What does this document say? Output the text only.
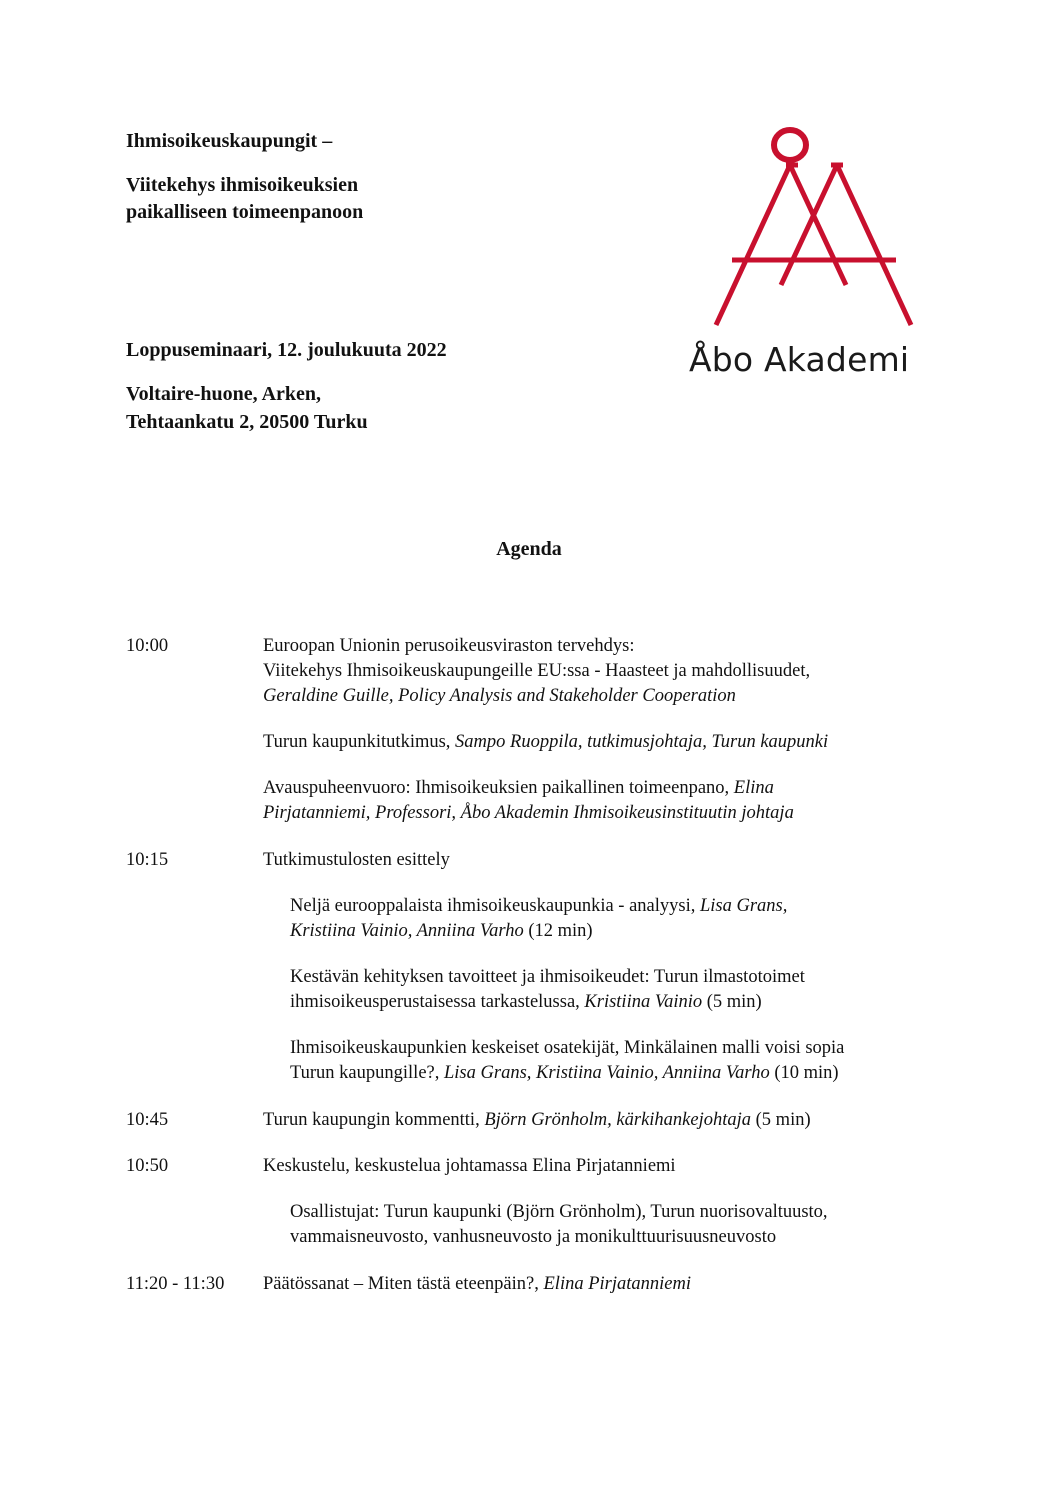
Ihmisoikeuskaupungit –
Viitekehys ihmisoikeuksien
paikalliseen toimeenpanoon
Loppuseminaari, 12. joulukuuta 2022
Voltaire-huone, Arken,
Tehtaankatu 2, 20500 Turku
Åbo Akademi
Agenda
10:00	Euroopan Unionin perusoikeusviraston tervehdys:
Viitekehys Ihmisoikeuskaupungeille EU:ssa - Haasteet ja mahdollisuudet,
Geraldine Guille, Policy Analysis and Stakeholder Cooperation
Turun kaupunkitutkimus, Sampo Ruoppila, tutkimusjohtaja, Turun kaupunki
Avauspuheenvuoro: Ihmisoikeuksien paikallinen toimeenpano, Elina
Pirjatanniemi, Professori, Åbo Akademin Ihmisoikeusinstituutin johtaja
10:15	Tutkimustulosten esittely
Neljä eurooppalaista ihmisoikeuskaupunkia - analyysi, Lisa Grans,
Kristiina Vainio, Anniina Varho (12 min)
Kestävän kehityksen tavoitteet ja ihmisoikeudet: Turun ilmastotoimet
ihmisoikeusperustaisessa tarkastelussa, Kristiina Vainio (5 min)
Ihmisoikeuskaupunkien keskeiset osatekijät, Minkälainen malli voisi sopia
Turun kaupungille?, Lisa Grans, Kristiina Vainio, Anniina Varho (10 min)
10:45	Turun kaupungin kommentti, Björn Grönholm, kärkihankejohtaja (5 min)
10:50	Keskustelu, keskustelua johtamassa Elina Pirjatanniemi
Osallistujat: Turun kaupunki (Björn Grönholm), Turun nuorisovaltuusto,
vammaisneuvosto, vanhusneuvosto ja monikulttuurisuusneuvosto
11:20 - 11:30	Päätössanat – Miten tästä eteenpäin?, Elina Pirjatanniemi
